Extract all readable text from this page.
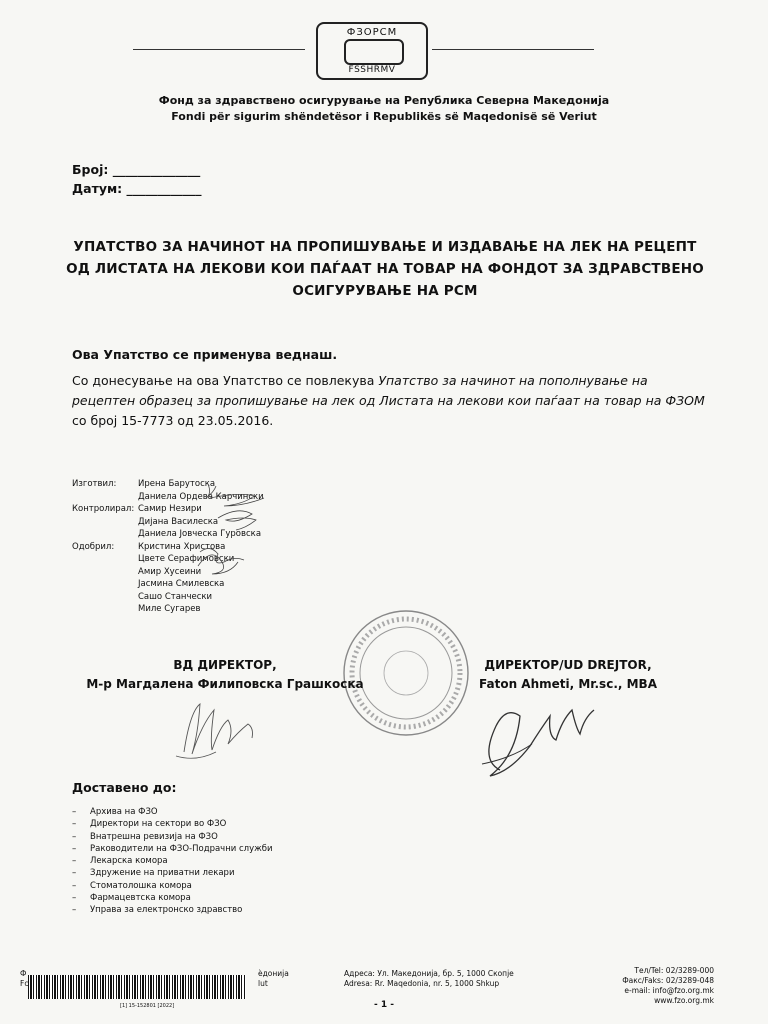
ФЗОРСМ
FSSHRMV
Фонд за здравствено осигурување на Република Северна Македонија
Fondi për sigurim shëndetësor i Republikës së Maqedonisë së Veriut
Број: ______________
Датум: ____________
УПАТСТВО ЗА НАЧИНОТ НА ПРОПИШУВАЊЕ И ИЗДАВАЊЕ НА ЛЕК НА РЕЦЕПТ
ОД ЛИСТАТА НА ЛЕКОВИ КОИ ПАЃААТ НА ТОВАР НА ФОНДОТ ЗА ЗДРАВСТВЕНО
ОСИГУРУВАЊЕ НА РСМ
Ова Упатство се применува веднаш.
Со донесување на ова Упатство се повлекува Упатство за начинот на пополнување на рецептен образец за пропишување на лек од Листата на лекови кои паѓаат на товар на ФЗОМ со број 15-7773 од 23.05.2016.
Изготвил:	Ирена Барутоска
Даниела Ордева Карчински
Контролирал: Самир Незири
Дијана Василеска
Даниела Јовческа Гуровска
Одобрил:	Кристина Христова
Цвете Серафимовски
Амир Хусеини
Јасмина Смилевска
Сашо Станчески
Миле Сугарев
ВД ДИРЕКТОР,
М-р Магдалена Филиповска Грашкоска
ДИРЕКТОР/UD DREJTOR,
Faton Ahmeti, Mr.sc., MBA
Доставено до:
–	Архива на ФЗО
–	Директори на сектори во ФЗО
–	Внатрешна ревизија на ФЗО
–	Раководители на ФЗО-Подрачни служби
–	Лекарска комора
–	Здружение на приватни лекари
–	Стоматолошка комора
–	Фармацевтска комора
–	Управа за електронско здравство
Ф
Fc
[1] 15-152801 [2022]
ѐдонија
lut
Адреса: Ул. Македонија, бр. 5, 1000 Скопје
Adresa: Rr. Maqedonia, nr. 5, 1000 Shkup
- 1 -
Тел/Tel: 02/3289-000
Факс/Faks: 02/3289-048
e-mail: info@fzo.org.mk
www.fzo.org.mk
